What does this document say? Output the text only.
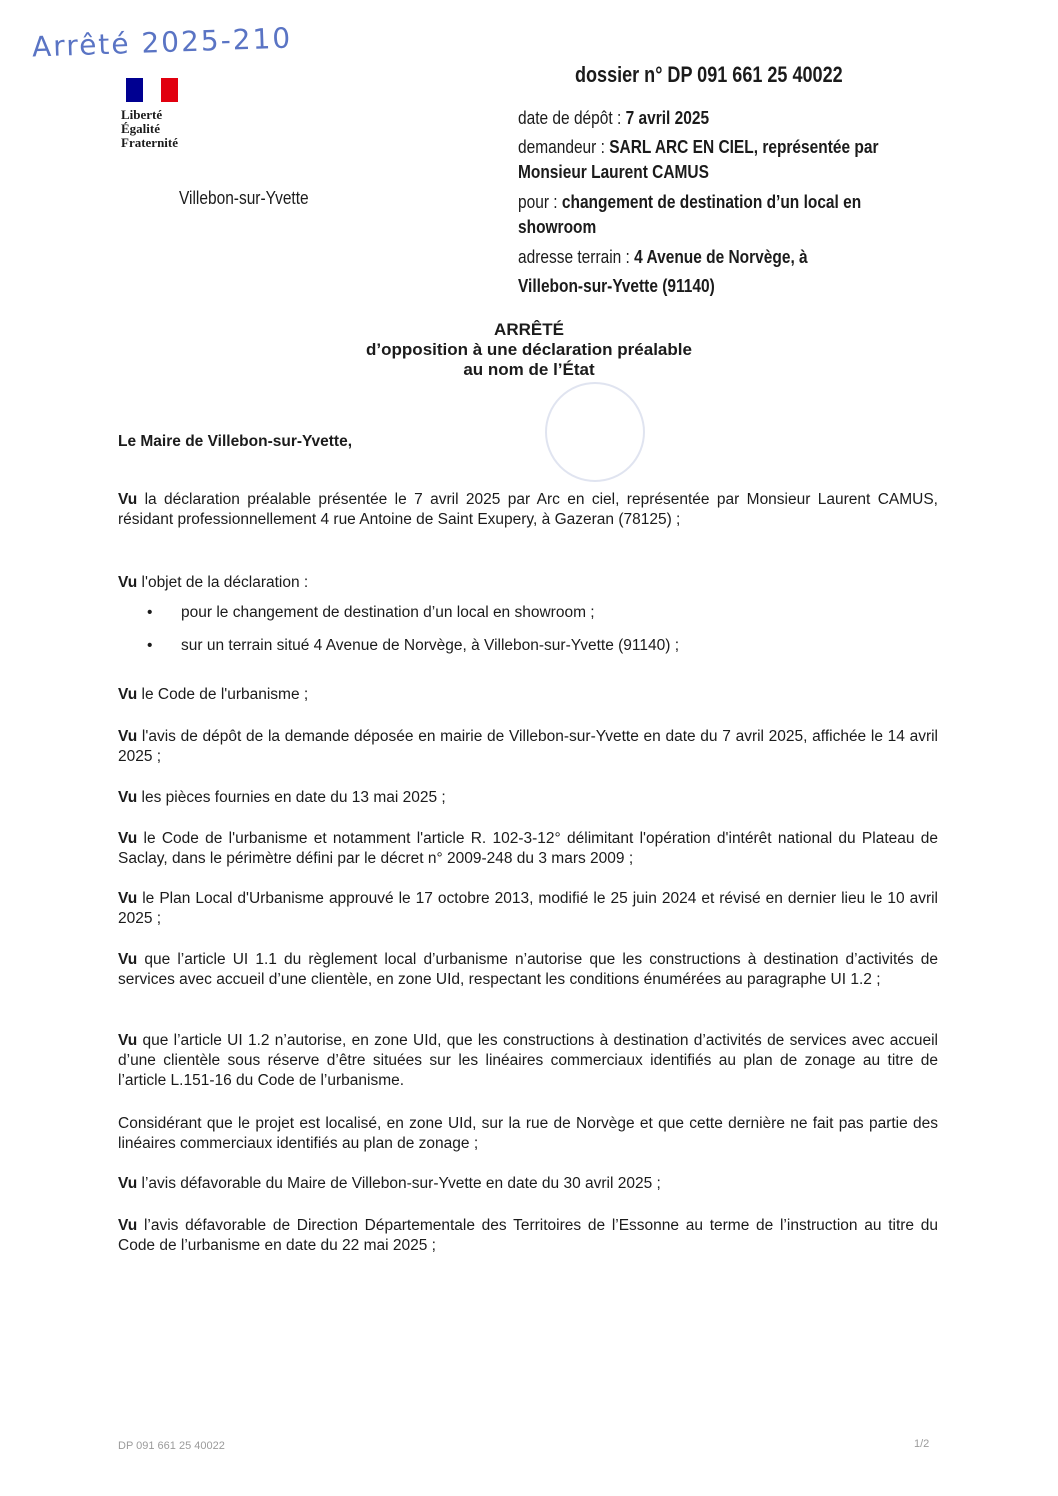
Arrêté 2025-210
Liberté
Égalité
Fraternité
Villebon-sur-Yvette
dossier n° DP 091 661 25 40022
date de dépôt : 7 avril 2025
demandeur : SARL ARC EN CIEL, représentée par
Monsieur Laurent CAMUS
pour : changement de destination d’un local en
showroom
adresse terrain : 4 Avenue de Norvège, à
Villebon-sur-Yvette (91140)
ARRÊTÉ
d’opposition à une déclaration préalable
au nom de l’État
Le Maire de Villebon-sur-Yvette,
Vu la déclaration préalable présentée le 7 avril 2025 par Arc en ciel, représentée par Monsieur Laurent CAMUS, résidant professionnellement 4 rue Antoine de Saint Exupery, à Gazeran (78125) ;
Vu l'objet de la déclaration :
• pour le changement de destination d’un local en showroom ;
• sur un terrain situé 4 Avenue de Norvège, à Villebon-sur-Yvette (91140) ;
Vu le Code de l'urbanisme ;
Vu l'avis de dépôt de la demande déposée en mairie de Villebon-sur-Yvette en date du 7 avril 2025, affichée le 14 avril 2025 ;
Vu les pièces fournies en date du 13 mai 2025 ;
Vu le Code de l'urbanisme et notamment l'article R. 102-3-12° délimitant l'opération d'intérêt national du Plateau de Saclay, dans le périmètre défini par le décret n° 2009-248 du 3 mars 2009 ;
Vu le Plan Local d'Urbanisme approuvé le 17 octobre 2013, modifié le 25 juin 2024 et révisé en dernier lieu le 10 avril 2025 ;
Vu que l’article UI 1.1 du règlement local d’urbanisme n’autorise que les constructions à destination d’activités de services avec accueil d’une clientèle, en zone UId, respectant les conditions énumérées au paragraphe UI 1.2 ;
Vu que l’article UI 1.2 n’autorise, en zone UId, que les constructions à destination d’activités de services avec accueil d’une clientèle sous réserve d’être situées sur les linéaires commerciaux identifiés au plan de zonage au titre de l’article L.151-16 du Code de l’urbanisme.
Considérant que le projet est localisé, en zone UId, sur la rue de Norvège et que cette dernière ne fait pas partie des linéaires commerciaux identifiés au plan de zonage ;
Vu l’avis défavorable du Maire de Villebon-sur-Yvette en date du 30 avril 2025 ;
Vu l’avis défavorable de Direction Départementale des Territoires de l’Essonne au terme de l’instruction au titre du Code de l’urbanisme en date du 22 mai 2025 ;
DP 091 661 25 40022	1/2
